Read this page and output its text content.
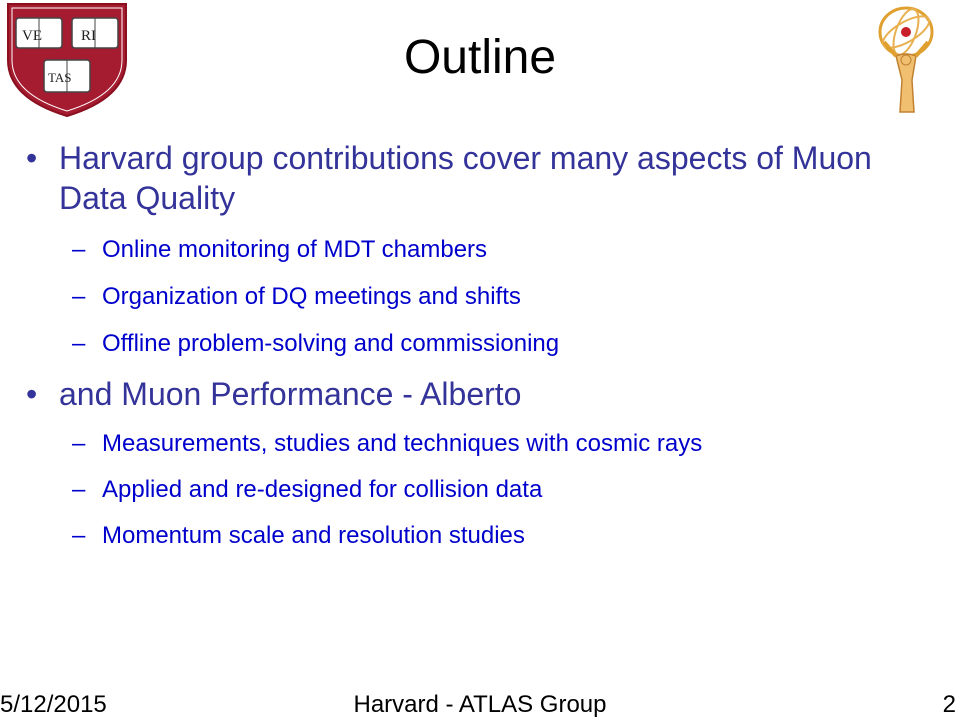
VE	RI
TAS	Outline
• Harvard group contributions cover many aspects of Muon Data Quality
– Online monitoring of MDT chambers
– Organization of DQ meetings and shifts
– Offline problem-solving and commissioning
• and Muon Performance - Alberto
– Measurements, studies and techniques with cosmic rays
– Applied and re-designed for collision data
– Momentum scale and resolution studies
5/12/2015	Harvard - ATLAS Group	2
